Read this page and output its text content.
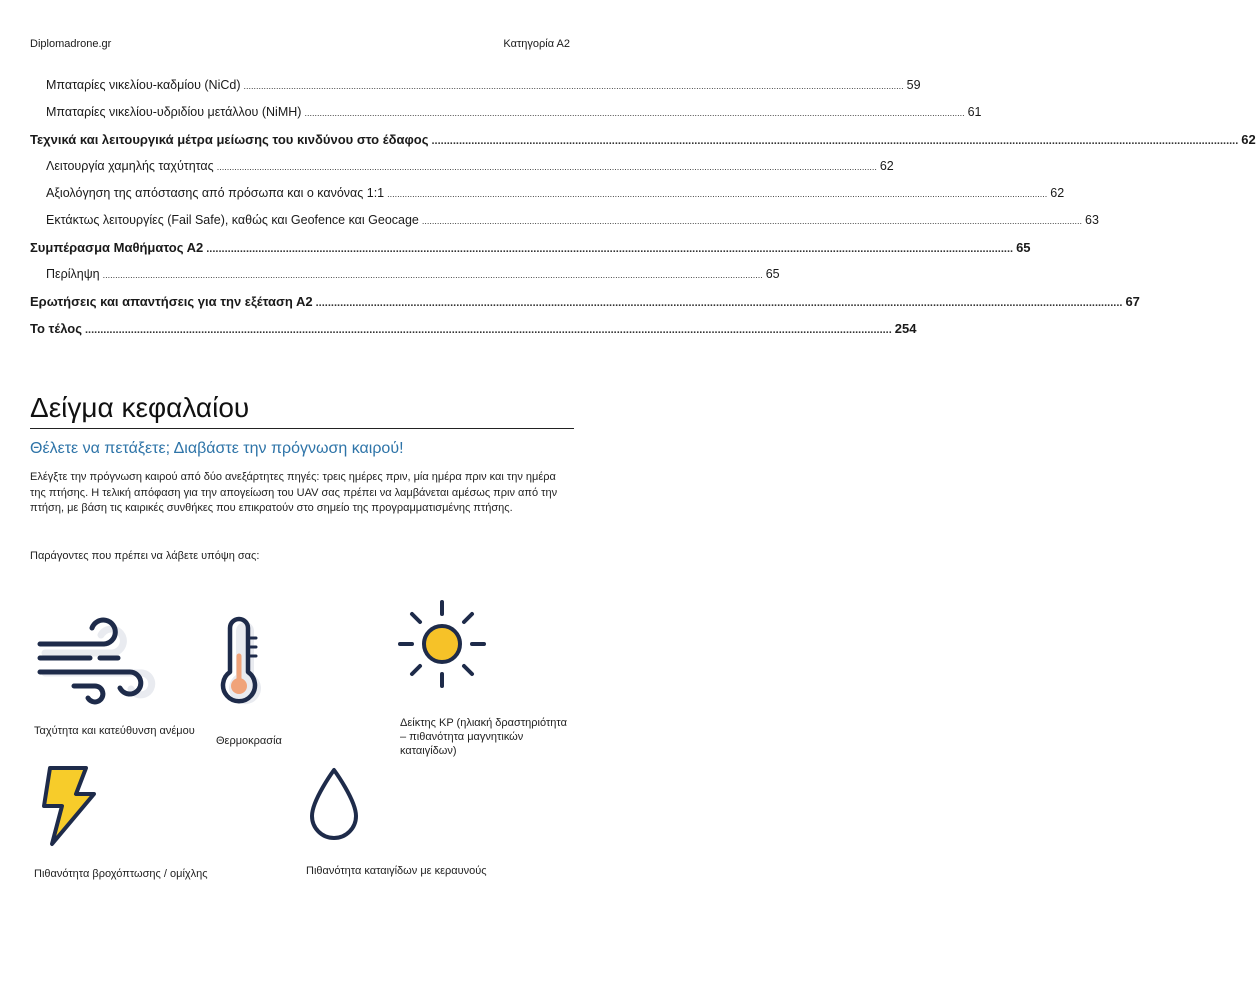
Diplomadrone.gr	Κατηγορία Α2
Μπαταρίες νικελίου-καδμίου (NiCd) ........................................................................................................................................................................................................................................................................ 59
Μπαταρίες νικελίου-υδριδίου μετάλλου (NiMH) ........................................................................................................................................................................................................................................................................ 61
Τεχνικά και λειτουργικά μέτρα μείωσης του κινδύνου στο έδαφος ........................................................................................................................................................................................................................................................................ 62
Λειτουργία χαμηλής ταχύτητας ........................................................................................................................................................................................................................................................................ 62
Αξιολόγηση της απόστασης από πρόσωπα και ο κανόνας 1:1 ........................................................................................................................................................................................................................................................................ 62
Εκτάκτως λειτουργίες (Fail Safe), καθώς και Geofence και Geocage ........................................................................................................................................................................................................................................................................ 63
Συμπέρασμα Μαθήματος Α2 ........................................................................................................................................................................................................................................................................ 65
Περίληψη ........................................................................................................................................................................................................................................................................ 65
Ερωτήσεις και απαντήσεις για την εξέταση Α2 ........................................................................................................................................................................................................................................................................ 67
Το τέλος ........................................................................................................................................................................................................................................................................ 254
Δείγμα κεφαλαίου
Θέλετε να πετάξετε; Διαβάστε την πρόγνωση καιρού!
Ελέγξτε την πρόγνωση καιρού από δύο ανεξάρτητες πηγές: τρεις ημέρες πριν, μία ημέρα πριν και την ημέρα της πτήσης. Η τελική απόφαση για την απογείωση του UAV σας πρέπει να λαμβάνεται αμέσως πριν από την πτήση, με βάση τις καιρικές συνθήκες που επικρατούν στο σημείο της προγραμματισμένης πτήσης.
Παράγοντες που πρέπει να λάβετε υπόψη σας:
Ταχύτητα και κατεύθυνση ανέμου
Θερμοκρασία
Δείκτης ΚΡ (ηλιακή δραστηριότητα – πιθανότητα μαγνητικών καταιγίδων)
Πιθανότητα βροχόπτωσης / ομίχλης	Πιθανότητα καταιγίδων με κεραυνούς
